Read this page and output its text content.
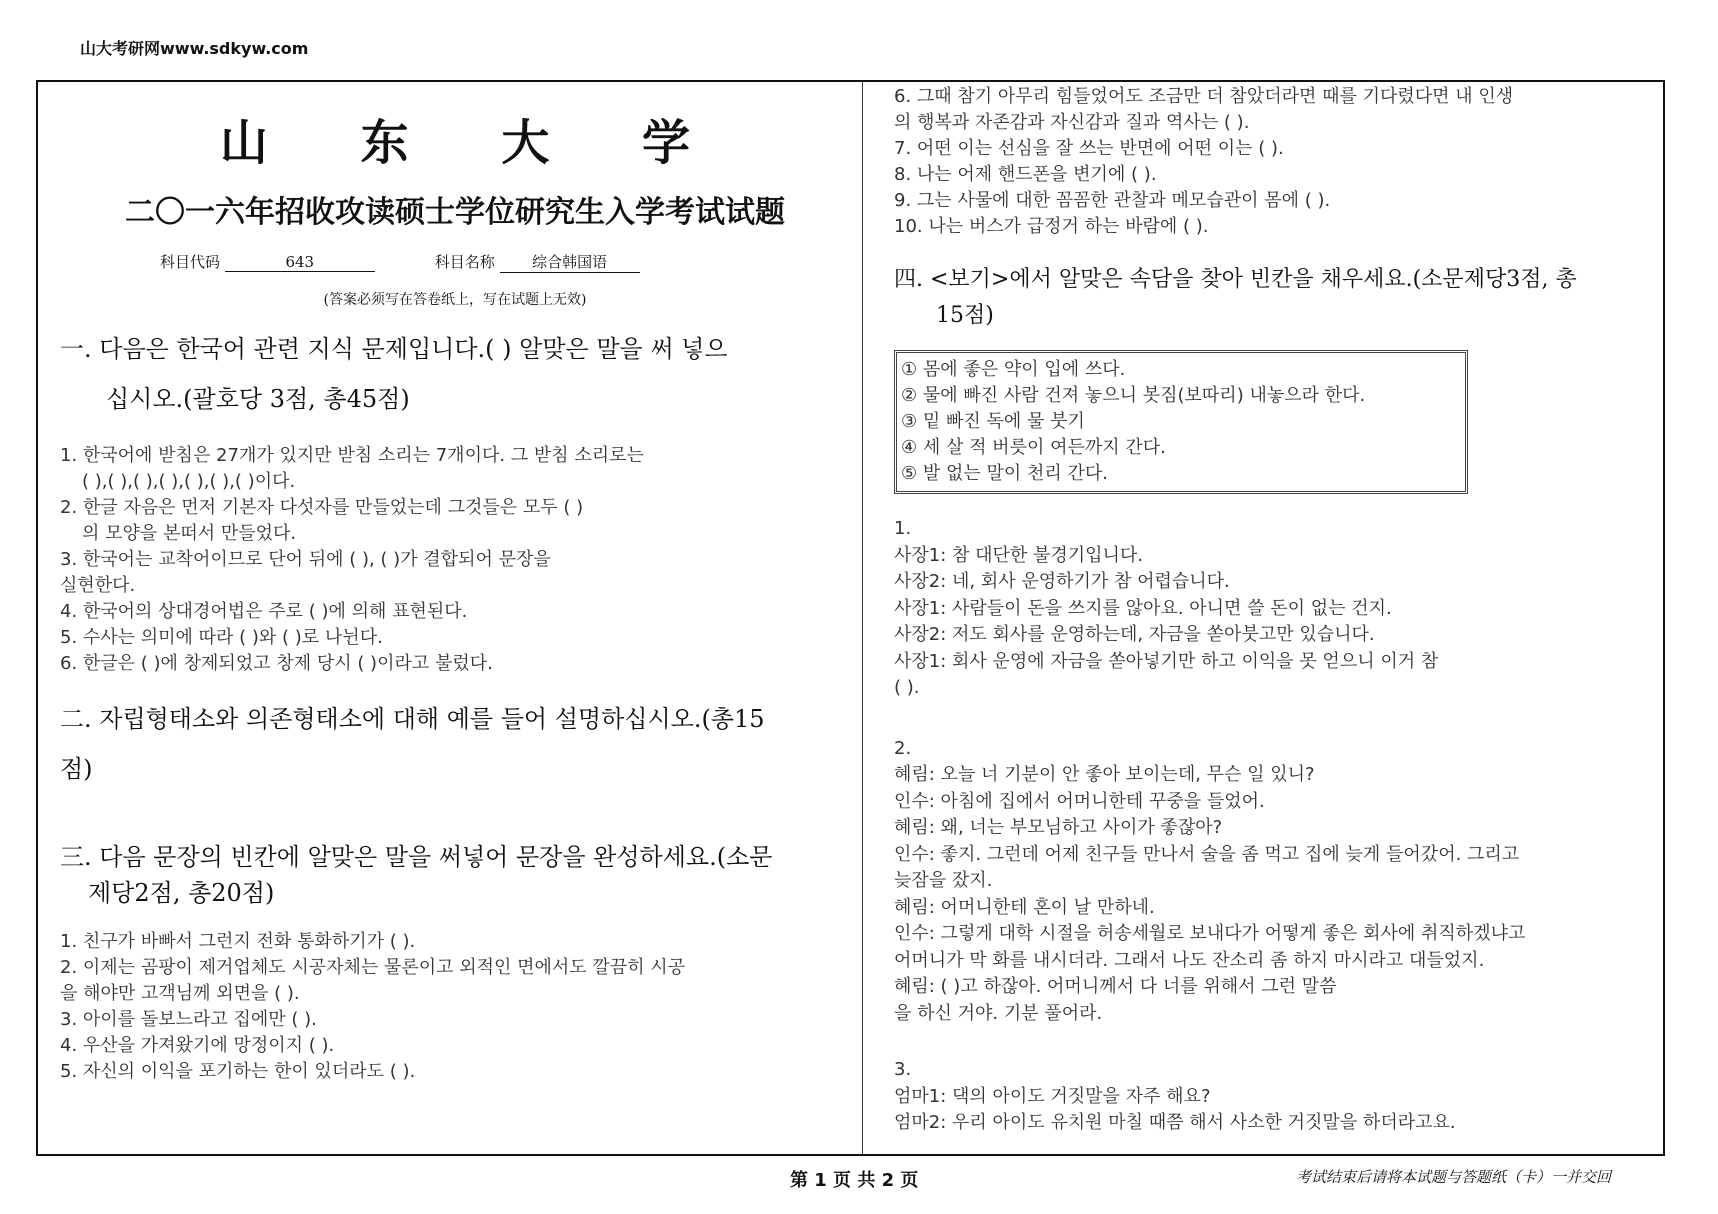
山大考研网www.sdkyw.com
山 东 大 学
二〇一六年招收攻读硕士学位研究生入学考试试题
科目代码	643	科目名称 综合韩国语
(答案必须写在答卷纸上，写在试题上无效)
一. 다음은 한국어 관련 지식 문제입니다.( ) 알맞은 말을 써 넣으
십시오.(괄호당 3점, 총45점)
1. 한국어에 받침은 27개가 있지만 받침 소리는 7개이다. 그 받침 소리로는
( ),( ),( ),( ),( ),( ),( )이다.
2. 한글 자음은 먼저 기본자 다섯자를 만들었는데 그것들은 모두 ( )
의 모양을 본떠서 만들었다.
3. 한국어는 교착어이므로 단어 뒤에 ( ), ( )가 결합되어 문장을
실현한다.
4. 한국어의 상대경어법은 주로 ( )에 의해 표현된다.
5. 수사는 의미에 따라 ( )와 ( )로 나뉜다.
6. 한글은 ( )에 창제되었고 창제 당시 ( )이라고 불렀다.
二. 자립형태소와 의존형태소에 대해 예를 들어 설명하십시오.(총15
점)
三. 다음 문장의 빈칸에 알맞은 말을 써넣어 문장을 완성하세요.(소문
제당2점, 총20점)
1. 친구가 바빠서 그런지 전화 통화하기가 ( ).
2. 이제는 곰팡이 제거업체도 시공자체는 물론이고 외적인 면에서도 깔끔히 시공
을 해야만 고객님께 외면을 ( ).
3. 아이를 돌보느라고 집에만 ( ).
4. 우산을 가져왔기에 망정이지 ( ).
5. 자신의 이익을 포기하는 한이 있더라도 ( ).
6. 그때 참기 아무리 힘들었어도 조금만 더 참았더라면 때를 기다렸다면 내 인생
의 행복과 자존감과 자신감과 질과 역사는 ( ).
7. 어떤 이는 선심을 잘 쓰는 반면에 어떤 이는 ( ).
8. 나는 어제 핸드폰을 변기에 ( ).
9. 그는 사물에 대한 꼼꼼한 관찰과 메모습관이 몸에 ( ).
10. 나는 버스가 급정거 하는 바람에 ( ).
四. <보기>에서 알맞은 속담을 찾아 빈칸을 채우세요.(소문제당3점, 총
15점)
① 몸에 좋은 약이 입에 쓰다.
② 물에 빠진 사람 건져 놓으니 봇짐(보따리) 내놓으라 한다.
③ 밑 빠진 독에 물 붓기
④ 세 살 적 버릇이 여든까지 간다.
⑤ 발 없는 말이 천리 간다.
1.
사장1: 참 대단한 불경기입니다.
사장2: 네, 회사 운영하기가 참 어렵습니다.
사장1: 사람들이 돈을 쓰지를 않아요. 아니면 쓸 돈이 없는 건지.
사장2: 저도 회사를 운영하는데, 자금을 쏟아붓고만 있습니다.
사장1: 회사 운영에 자금을 쏟아넣기만 하고 이익을 못 얻으니 이거 참
( ).
2.
혜림: 오늘 너 기분이 안 좋아 보이는데, 무슨 일 있니?
인수: 아침에 집에서 어머니한테 꾸중을 들었어.
혜림: 왜, 너는 부모님하고 사이가 좋잖아?
인수: 좋지. 그런데 어제 친구들 만나서 술을 좀 먹고 집에 늦게 들어갔어. 그리고
늦잠을 잤지.
혜림: 어머니한테 혼이 날 만하네.
인수: 그렇게 대학 시절을 허송세월로 보내다가 어떻게 좋은 회사에 취직하겠냐고
어머니가 막 화를 내시더라. 그래서 나도 잔소리 좀 하지 마시라고 대들었지.
혜림: ( )고 하잖아. 어머니께서 다 너를 위해서 그런 말씀
을 하신 거야. 기분 풀어라.
3.
엄마1: 댁의 아이도 거짓말을 자주 해요?
엄마2: 우리 아이도 유치원 마칠 때쯤 해서 사소한 거짓말을 하더라고요.
第 1 页 共 2 页	考试结束后请将本试题与答题纸（卡）一并交回
